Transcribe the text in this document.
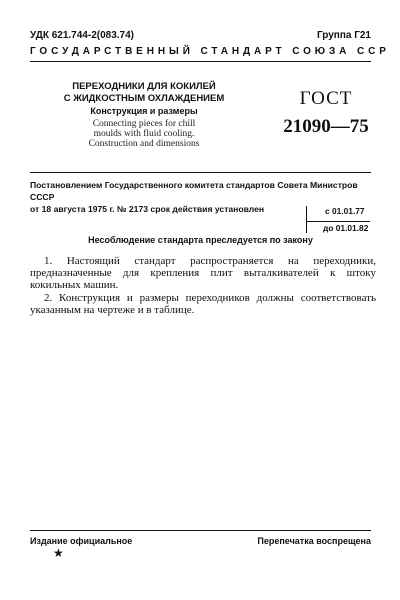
УДК 621.744-2(083.74)	Группа Г21
ГОСУДАРСТВЕННЫЙ СТАНДАРТ СОЮЗА ССР
ПЕРЕХОДНИКИ ДЛЯ КОКИЛЕЙ
С ЖИДКОСТНЫМ ОХЛАЖДЕНИЕМ
Конструкция и размеры
Connecting pieces for chill
moulds with fluid cooling.
Construction and dimensions
ГОСТ
21090—75
Постановлением Государственного комитета стандартов Совета Министров СССР
от 18 августа 1975 г. № 2173 срок действия установлен	с 01.01.77
до 01.01.82
Несоблюдение стандарта преследуется по закону

1. Настоящий стандарт распространяется на переходники, предназначенные для крепления плит выталкивателей к штоку кокильных машин.

2. Конструкция и размеры переходников должны соответствовать указанным на чертеже и в таблице.

Издание официальное	Перепечатка воспрещена
★
